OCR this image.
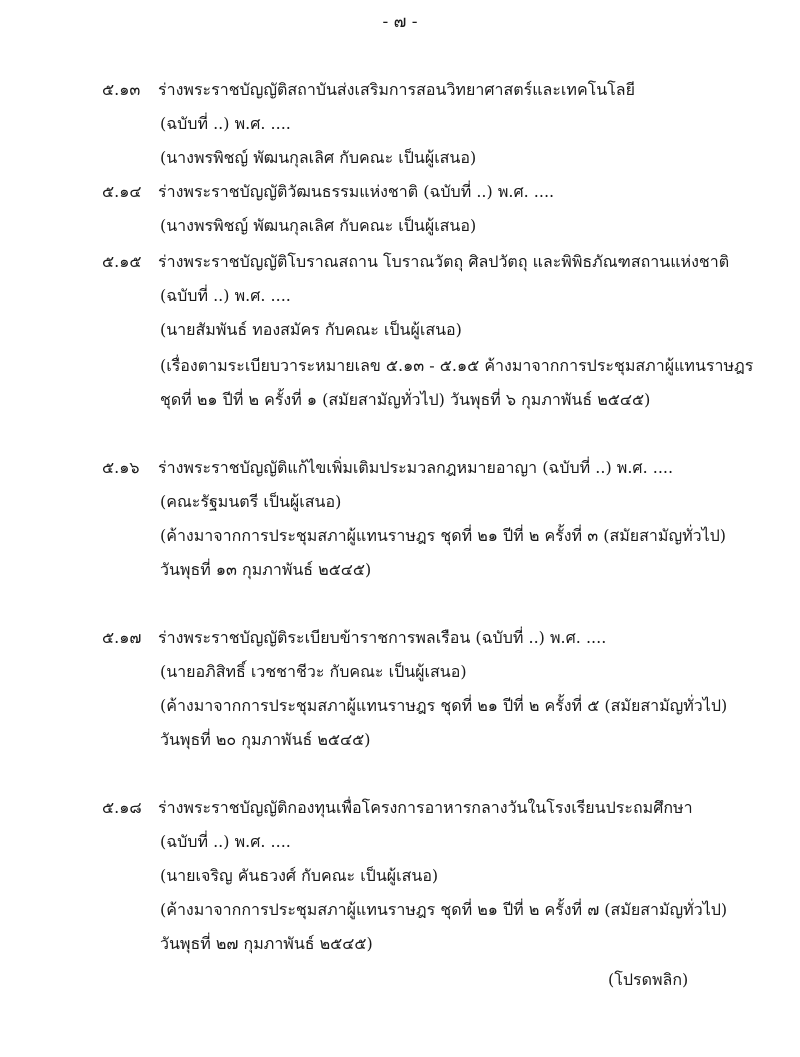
- ๗ -
๕.๑๓ ร่างพระราชบัญญัติสถาบันส่งเสริมการสอนวิทยาศาสตร์และเทคโนโลยี
(ฉบับที่ ..) พ.ศ. ....
(นางพรพิชญ์ พัฒนกุลเลิศ กับคณะ เป็นผู้เสนอ)
๕.๑๔ ร่างพระราชบัญญัติวัฒนธรรมแห่งชาติ (ฉบับที่ ..) พ.ศ. ....
(นางพรพิชญ์ พัฒนกุลเลิศ กับคณะ เป็นผู้เสนอ)
๕.๑๕ ร่างพระราชบัญญัติโบราณสถาน โบราณวัตถุ ศิลปวัตถุ และพิพิธภัณฑสถานแห่งชาติ
(ฉบับที่ ..) พ.ศ. ....
(นายสัมพันธ์ ทองสมัคร กับคณะ เป็นผู้เสนอ)
(เรื่องตามระเบียบวาระหมายเลข ๕.๑๓ - ๕.๑๕ ค้างมาจากการประชุมสภาผู้แทนราษฎร
ชุดที่ ๒๑ ปีที่ ๒ ครั้งที่ ๑ (สมัยสามัญทั่วไป) วันพุธที่ ๖ กุมภาพันธ์ ๒๕๔๕)
๕.๑๖ ร่างพระราชบัญญัติแก้ไขเพิ่มเติมประมวลกฎหมายอาญา (ฉบับที่ ..) พ.ศ. ....
(คณะรัฐมนตรี เป็นผู้เสนอ)
(ค้างมาจากการประชุมสภาผู้แทนราษฎร ชุดที่ ๒๑ ปีที่ ๒ ครั้งที่ ๓ (สมัยสามัญทั่วไป)
วันพุธที่ ๑๓ กุมภาพันธ์ ๒๕๔๕)
๕.๑๗ ร่างพระราชบัญญัติระเบียบข้าราชการพลเรือน (ฉบับที่ ..) พ.ศ. ....
(นายอภิสิทธิ์ เวชชาชีวะ กับคณะ เป็นผู้เสนอ)
(ค้างมาจากการประชุมสภาผู้แทนราษฎร ชุดที่ ๒๑ ปีที่ ๒ ครั้งที่ ๕ (สมัยสามัญทั่วไป)
วันพุธที่ ๒๐ กุมภาพันธ์ ๒๕๔๕)
๕.๑๘ ร่างพระราชบัญญัติกองทุนเพื่อโครงการอาหารกลางวันในโรงเรียนประถมศึกษา
(ฉบับที่ ..) พ.ศ. ....
(นายเจริญ คันธวงศ์ กับคณะ เป็นผู้เสนอ)
(ค้างมาจากการประชุมสภาผู้แทนราษฎร ชุดที่ ๒๑ ปีที่ ๒ ครั้งที่ ๗ (สมัยสามัญทั่วไป)
วันพุธที่ ๒๗ กุมภาพันธ์ ๒๕๔๕)
(โปรดพลิก)
